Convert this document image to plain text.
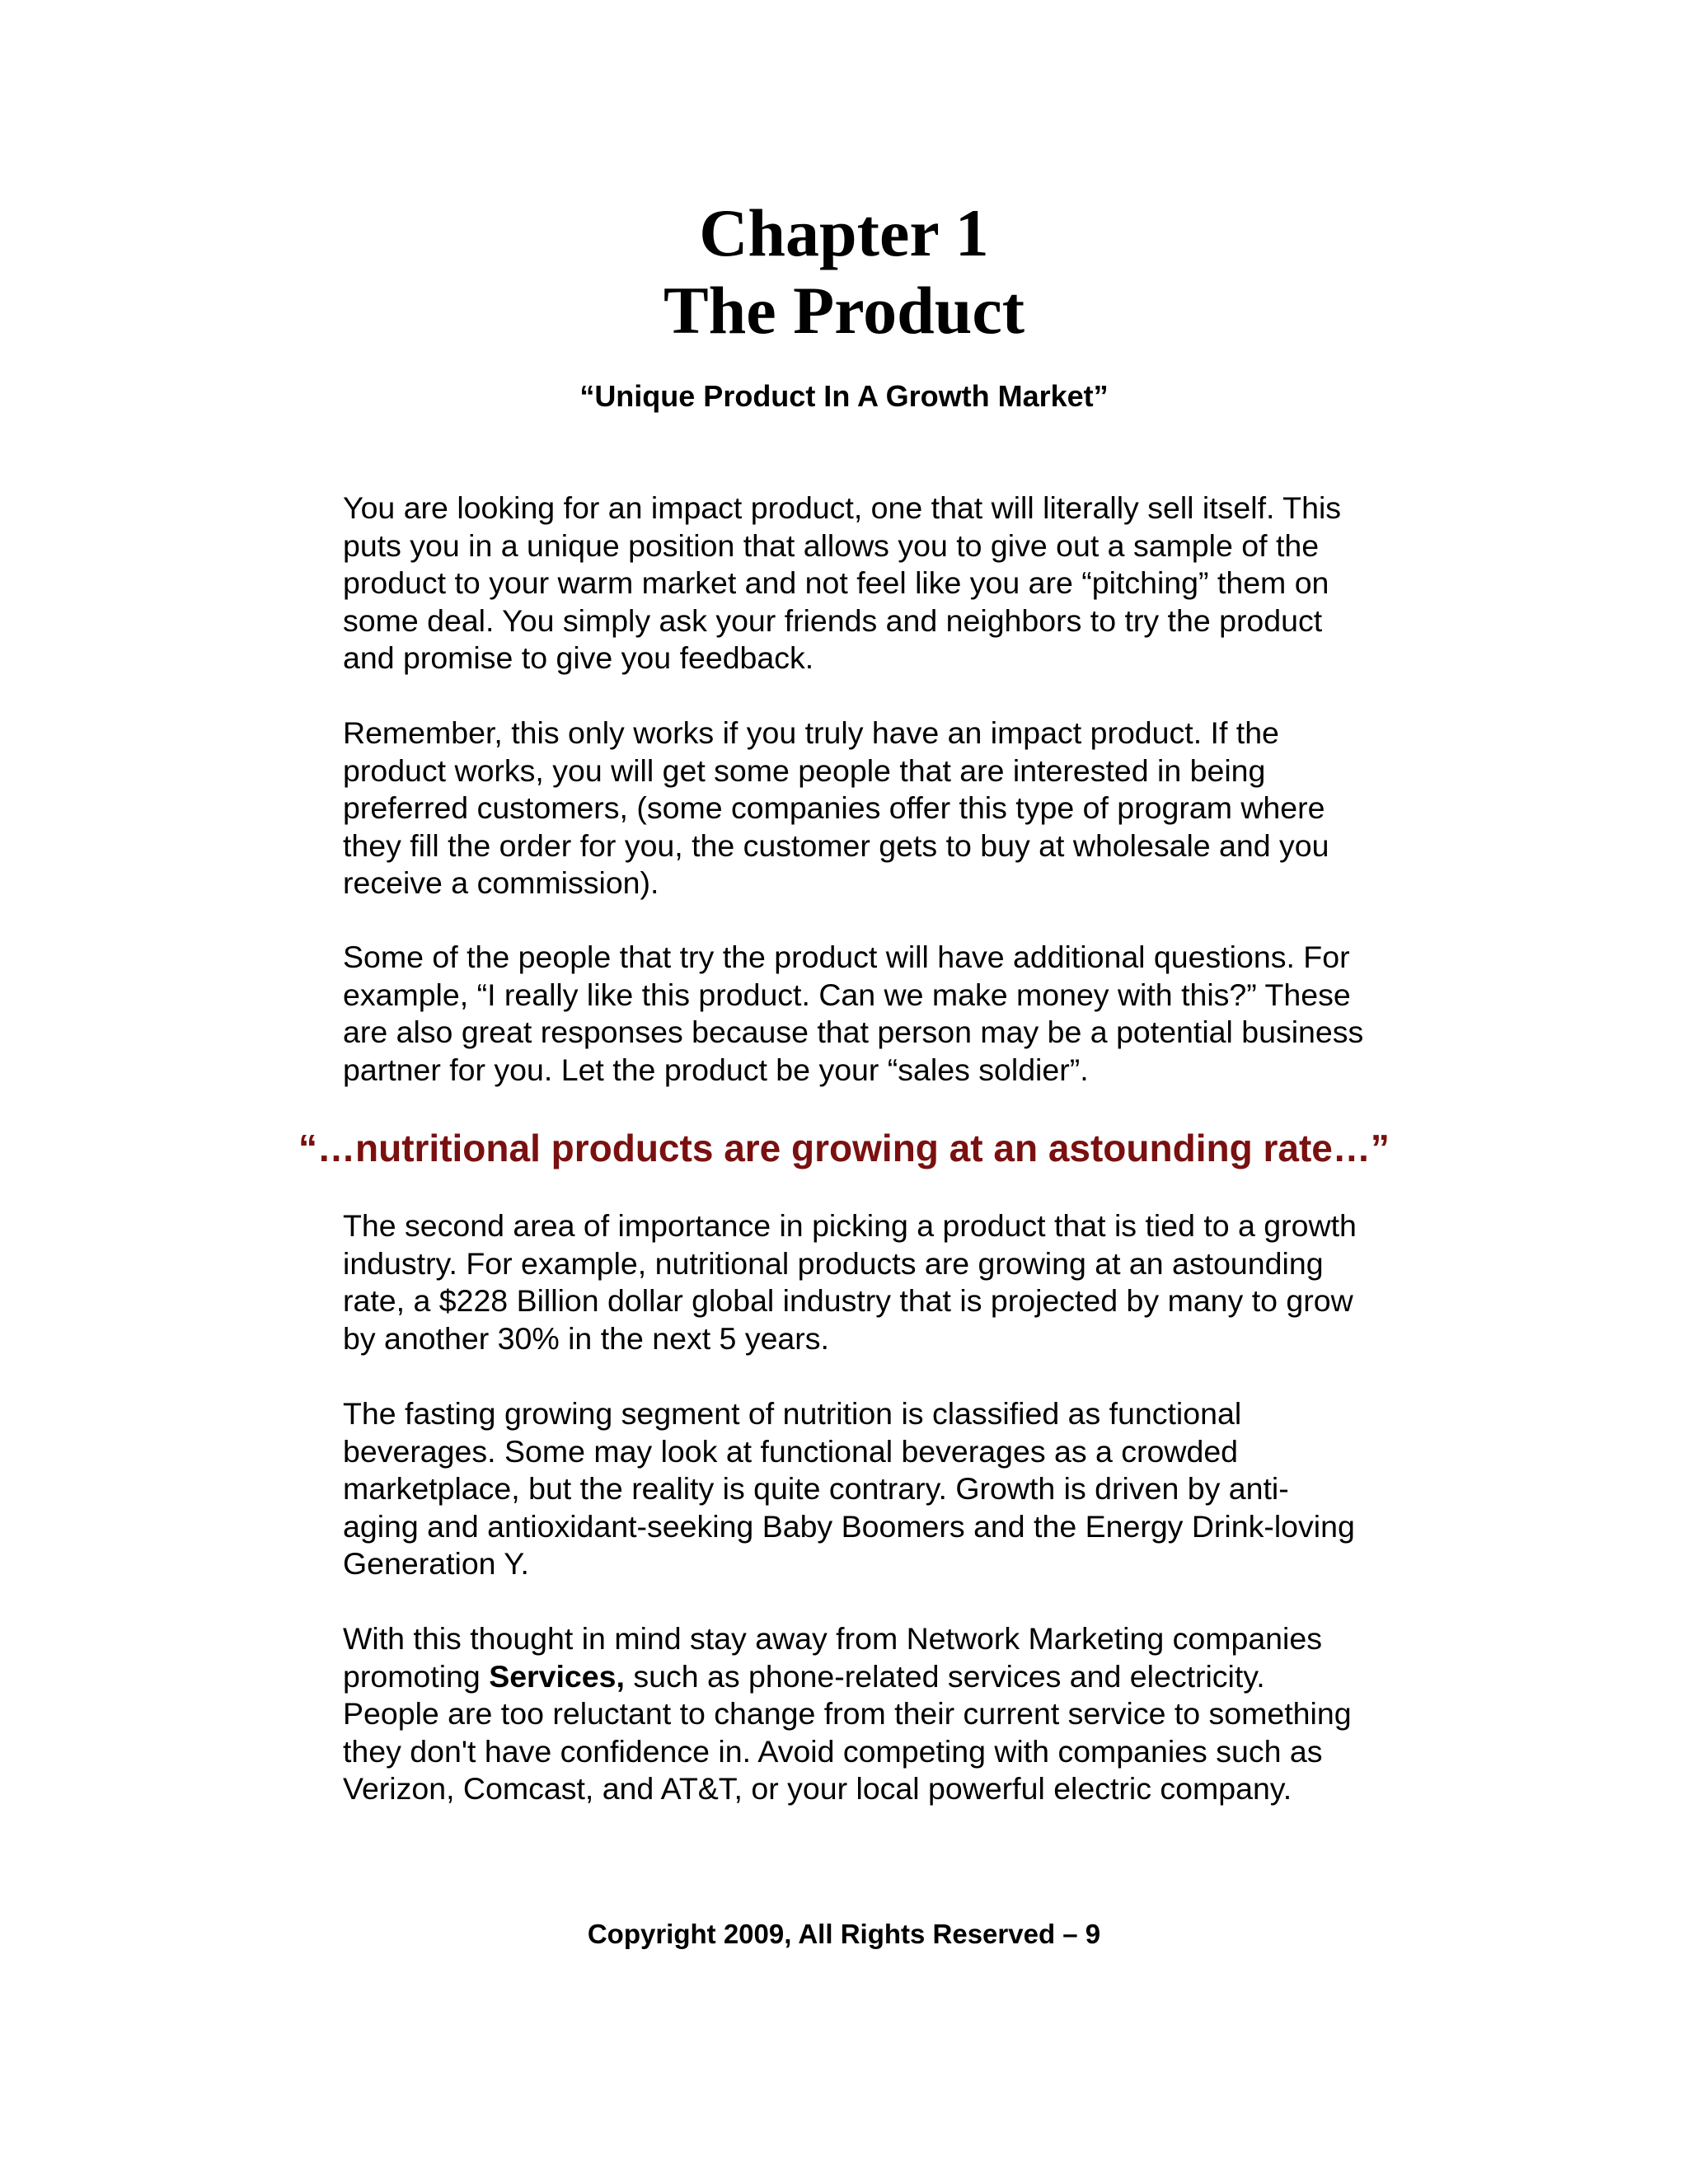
Chapter 1
The Product

“Unique Product In A Growth Market”

You are looking for an impact product, one that will literally sell itself. This
puts you in a unique position that allows you to give out a sample of the
product to your warm market and not feel like you are “pitching” them on
some deal. You simply ask your friends and neighbors to try the product
and promise to give you feedback.

Remember, this only works if you truly have an impact product. If the
product works, you will get some people that are interested in being
preferred customers, (some companies offer this type of program where
they fill the order for you, the customer gets to buy at wholesale and you
receive a commission).

Some of the people that try the product will have additional questions. For
example, “I really like this product. Can we make money with this?” These
are also great responses because that person may be a potential business
partner for you. Let the product be your “sales soldier”.

“…nutritional products are growing at an astounding rate…”

The second area of importance in picking a product that is tied to a growth
industry. For example, nutritional products are growing at an astounding
rate, a $228 Billion dollar global industry that is projected by many to grow
by another 30% in the next 5 years.

The fasting growing segment of nutrition is classified as functional
beverages. Some may look at functional beverages as a crowded
marketplace, but the reality is quite contrary. Growth is driven by anti-
aging and antioxidant-seeking Baby Boomers and the Energy Drink-loving
Generation Y.

With this thought in mind stay away from Network Marketing companies
promoting Services, such as phone-related services and electricity.
People are too reluctant to change from their current service to something
they don't have confidence in. Avoid competing with companies such as
Verizon, Comcast, and AT&T, or your local powerful electric company.

Copyright 2009, All Rights Reserved – 9
